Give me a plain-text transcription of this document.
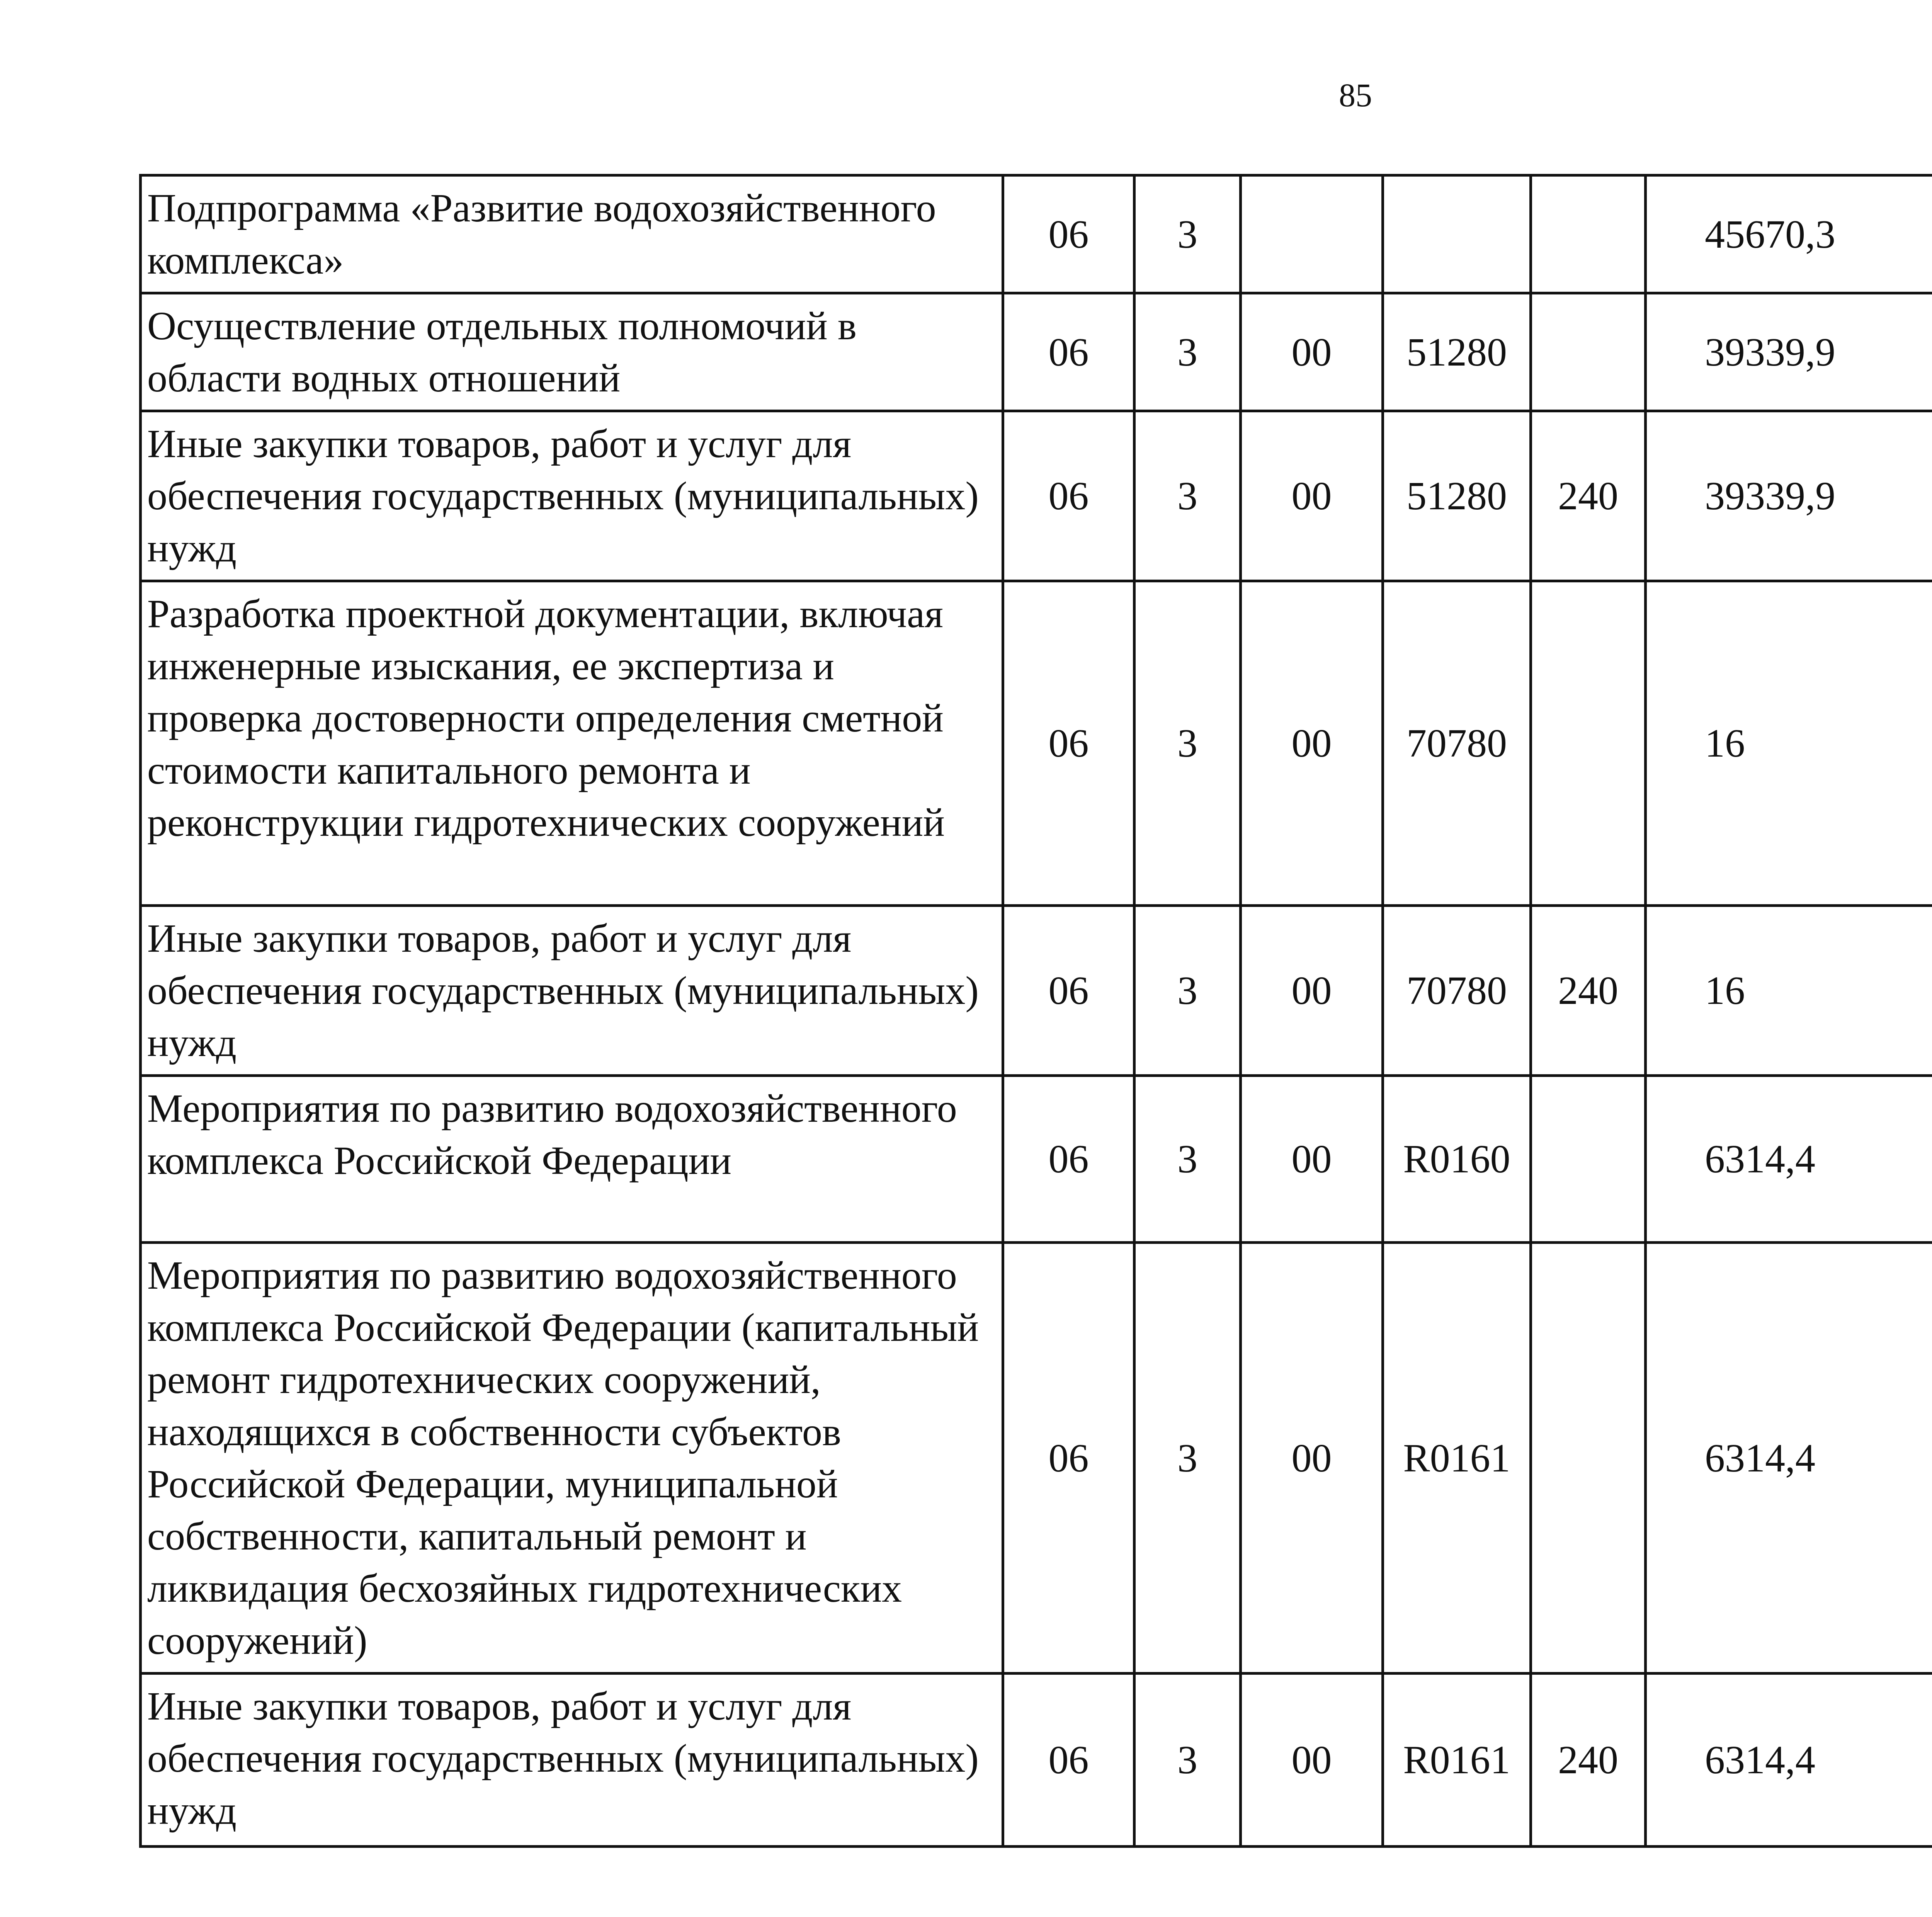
85
Подпрограмма «Развитие водохозяйственного комплекса»	06	3				45670,3		
Осуществление отдельных полномочий в области водных отношений	06	3	00	51280		39339,9		
Иные закупки товаров, работ и услуг для обеспечения государственных (муниципальных) нужд	06	3	00	51280	240	39339,9		
Разработка проектной документации, включая инженерные изыскания, ее экспертиза и проверка достоверности определения сметной стоимости капитального ремонта и реконструкции гидротехнических сооружений	06	3	00	70780		16		
Иные закупки товаров, работ и услуг для обеспечения государственных (муниципальных) нужд	06	3	00	70780	240	16		
Мероприятия по развитию водохозяйственного комплекса Российской Федерации	06	3	00	R0160		6314,4		
Мероприятия по развитию водохозяйственного комплекса Российской Федерации (капитальный ремонт гидротехнических сооружений, находящихся в собственности субъектов Российской Федерации, муниципальной собственности, капитальный ремонт и ликвидация бесхозяйных гидротехнических сооружений)	06	3	00	R0161		6314,4		
Иные закупки товаров, работ и услуг для обеспечения государственных (муниципальных) нужд	06	3	00	R0161	240	6314,4		
